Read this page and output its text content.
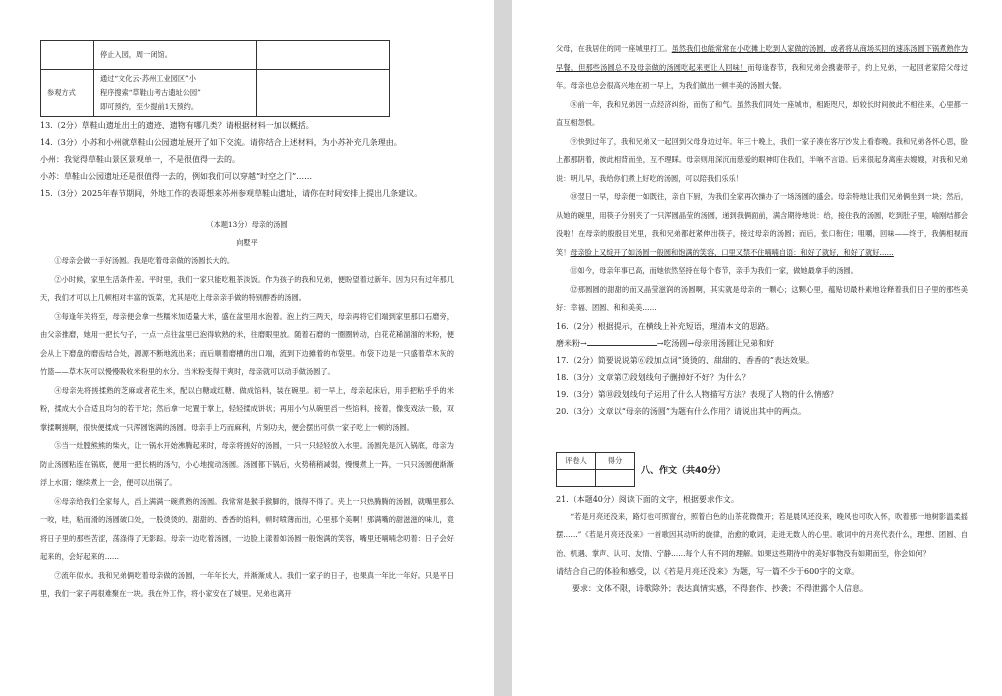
	停止入园，周一闭馆。	
参观方式	通过“文化云·苏州工业园区”小
程序搜索“草鞋山考古遗址公园”
即可预约，至少提前1天预约。	

13.（2分）草鞋山遗址出土的遗迹、遗物有哪几类？请根据材料一加以概括。

14.（3分）小苏和小州就草鞋山公园遗址展开了如下交流。请你结合上述材料，为小苏补充几条理由。

小州：我觉得草鞋山景区景观单一，不是很值得一去的。

小苏：草鞋山公园遗址还是很值得一去的，例如我们可以穿越“时空之门”……

15.（3分）2025年春节期间，外地工作的表哥想来苏州参观草鞋山遗址，请你在时间安排上提出几条建议。

（本题13分）母亲的汤圆

向墅平

①母亲会做一手好汤圆。我是吃着母亲做的汤圆长大的。

②小时候，家里生活条件差。平时里，我们一家只能吃粗茶淡饭。作为孩子的我和兄弟，便盼望着过新年。因为只有过年那几天，我们才可以上几顿相对丰富的饭菜，尤其是吃上母亲亲手做的特别醇香的汤圆。

③每逢年关将至，母亲便会拿一些糯米加适量大米，盛在盆里用水泡着。泡上约三两天，母亲再将它们端到家里那口石磨旁，由父亲推磨，她用一把长勺子，一点一点往盆里已泡得软熟的米，往磨眼里放。随着石磨的一圈圈转动，白花花稀溜溜的米粉，便会从上下磨盘的磨齿结合处，源源不断地流出来；而后顺着磨槽的出口端，流到下边摊着的布袋里。布袋下边是一只盛着草木灰的竹篮——草木灰可以慢慢吸收米粉里的水分。当米粉变得干爽时，母亲就可以动手做汤圆了。

④母亲先将搓揉熟的芝麻或者花生米，配以白糖或红糖、做成馅料，装在碗里。初一早上，母亲起床后，用手把粘乎乎的米粉，揉成大小合适且均匀的若干坨；然后拿一坨置于掌上，轻轻揉成饼状；再用小勺从碗里舀一些馅料，接着，像变戏法一般，双掌揉啊搓啊，很快便揉成一只浑圆饱满的汤圆。母亲手上巧而麻利，片刻功夫，便会摆出可供一家子吃上一顿的汤圆。

⑤当一灶膛熊熊的柴火，让一锅水开始沸腾起来时，母亲将搓好的汤圆，一只一只轻轻放入水里。汤圆先是沉入锅底，母亲为防止汤圆粘连在锅底，便用一把长柄的汤勺，小心地搅动汤圆。汤圆都下锅后，火势稍稍减弱，慢慢煮上一阵，一只只汤圆便渐渐浮上水面；继续煮上一会，便可以出锅了。

⑥母亲给我们全家每人，舀上满满一碗煮熟的汤圆。我常常是猴手猴脚的，饿得不得了。夹上一只热腾腾的汤圆，就嘴里那么一咬，哇，粘而滑的汤圆破口处，一股烫烫的、甜甜的、香香的馅料，顿时喷薄而出，心里那个美啊！那满嘴的甜滋滋的味儿，竟将日子里的那些苦涩，荡涤得了无影踪。母亲一边吃着汤圆，一边脸上漾着如汤圆一般饱满的笑容，嘴里还喃喃念叨着：日子会好起来的，会好起来的……

⑦流年似水。我和兄弟俩吃着母亲做的汤圆，一年年长大，并渐渐成人。我们一家子的日子，也果真一年比一年好。只是平日里，我们一家子再很难聚在一块。我在外工作，将小家安在了城里。兄弟也离开

父母，在我居住的同一座城里打工。虽然我们也能常常在小吃摊上吃到人家做的汤圆，或者将从商场买回的速冻汤圆下锅煮熟作为早餐，但那些汤圆总不及母亲做的汤圆吃起来更让人回味！而每逢春节，我和兄弟会携妻带子，约上兄弟，一起回老家陪父母过年。母亲也总会很高兴地在初一早上，为我们做出一顿丰美的汤圆大餐。

⑧前一年，我和兄弟因一点经济纠纷，而伤了和气。虽然我们同处一座城市，相距咫尺，却较长时间彼此不相往来，心里都一直互相怨恨。

⑨快到过年了，我和兄弟又一起回到父母身边过年。年三十晚上，我们一家子凑在客厅沙发上看春晚。我和兄弟各怀心思，脸上都那阴着，彼此相背而坐，互不理睬。母亲则用深沉而慈爱的眼神盯住我们，半响不言语。后来很起身离座去嫂嫂，对我和兄弟说：明儿早，我给你们煮上好吃的汤圆，可以陪我们乐乐！

⑩翌日一早，母亲便一如既往，亲自下厨，为我们全家再次操办了一场汤圆的盛会。母亲特地让我们兄弟俩坐到一块；然后，从她的碗里，用筷子分别夹了一只浑圆晶莹的汤圆，递到我俩面前，满含期待地说：给，接住我的汤圆，吃到肚子里，喻刚结都会没啦！在母亲的殷殷目光里，我和兄弟都赶紧伸出筷子，接过母亲的汤圆；而后，张口衔住；咀嚼，回味——终于，我俩相视而笑！母亲脸上又绽开了如汤圆一般圆和饱满的笑容，口里又禁不住喃喃自语：和好了就好，和好了就好……

⑪如今，母亲年事已高，而她依然坚持在每个春节，亲手为我们一家，做她最拿手的汤圆。

⑫那圆圆的甜甜的而又晶莹滋润的汤圆啊，其实就是母亲的一颗心；这颗心里，蕴贴切最朴素地诠释着我们日子里的那些美好：幸福、团圆、和和美美……

16.（2分）根据提示，在横线上补充短语，理清本文的思路。

磨米粉→	→吃汤圆→母亲用汤圆让兄弟和好

17.（2分）简要说说第⑥段加点词“烫烫的、甜甜的、香香的”表达效果。

18.（3分）文章第⑦段划线句子删掉好不好？为什么？

19.（3分）第⑩段划线句子运用了什么人物描写方法？表现了人物的什么情感？

20.（3分）文章以“母亲的汤圆”为题有什么作用？请说出其中的两点。

评卷人	得分

八、作文（共40分）

21.（本题40分）阅读下面的文字，根据要求作文。

“若是月亮还没来，路灯也可照窗台，照着白色的山茶花微微开；若是晨风还没来，晚风也可吹入怀，吹着那一地树影温柔摇摆……”《若是月亮还没来》一首歌因其动听的旋律，治愈的歌词，走进无数人的心里。歌词中的月亮代表什么，理想、团圆、自治、机遇、掌声、认可、友情、宁静……每个人有不同的理解。如果这些期待中的美好事物没有如期而至，你会如何？

请结合自己的体验和感受，以《若是月亮还没来》为题，写一篇不少于600字的文章。

要求：文体不限，诗歌除外；表达真情实感，不得套作、抄袭；不得泄露个人信息。
